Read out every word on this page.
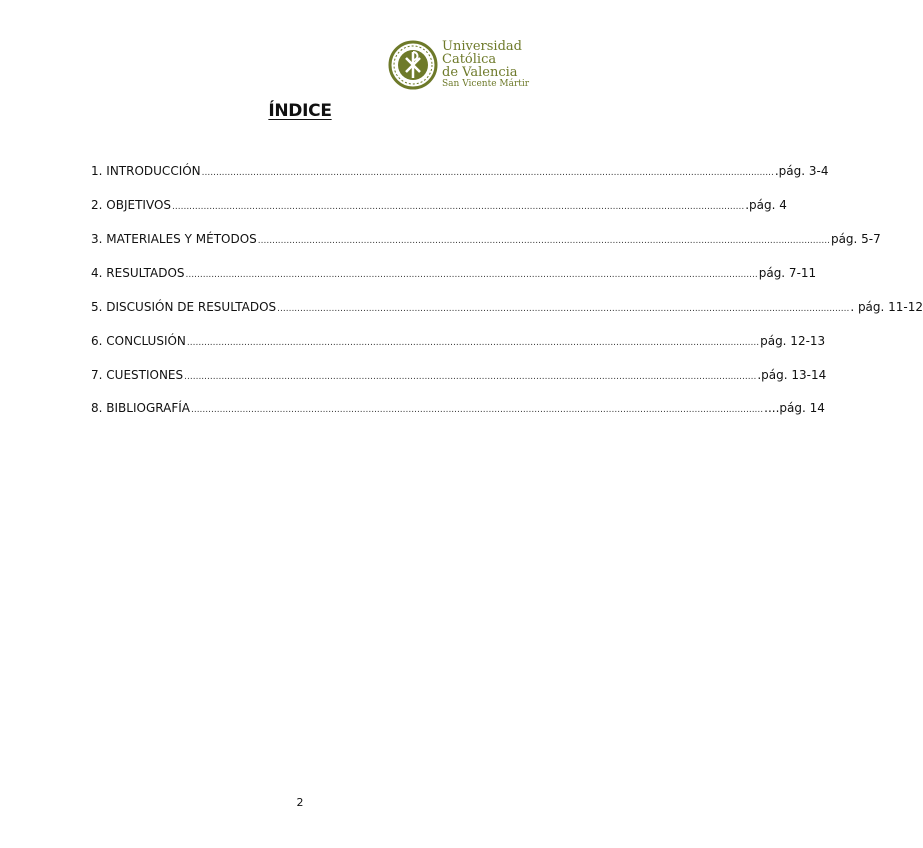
Universidad
Católica
de Valencia
San Vicente Mártir
ÍNDICE
1. INTRODUCCIÓN ........................................................................................................................................................................................................ .pág. 3-4
2. OBJETIVOS ........................................................................................................................................................................................................ .pág. 4
3. MATERIALES Y MÉTODOS ........................................................................................................................................................................................................ pág. 5-7
4. RESULTADOS ........................................................................................................................................................................................................ pág. 7-11
5. DISCUSIÓN DE RESULTADOS ........................................................................................................................................................................................................ . pág. 11-12
6. CONCLUSIÓN ........................................................................................................................................................................................................ pág. 12-13
7. CUESTIONES ........................................................................................................................................................................................................ .pág. 13-14
8. BIBLIOGRAFÍA ........................................................................................................................................................................................................ ....pág. 14
2
